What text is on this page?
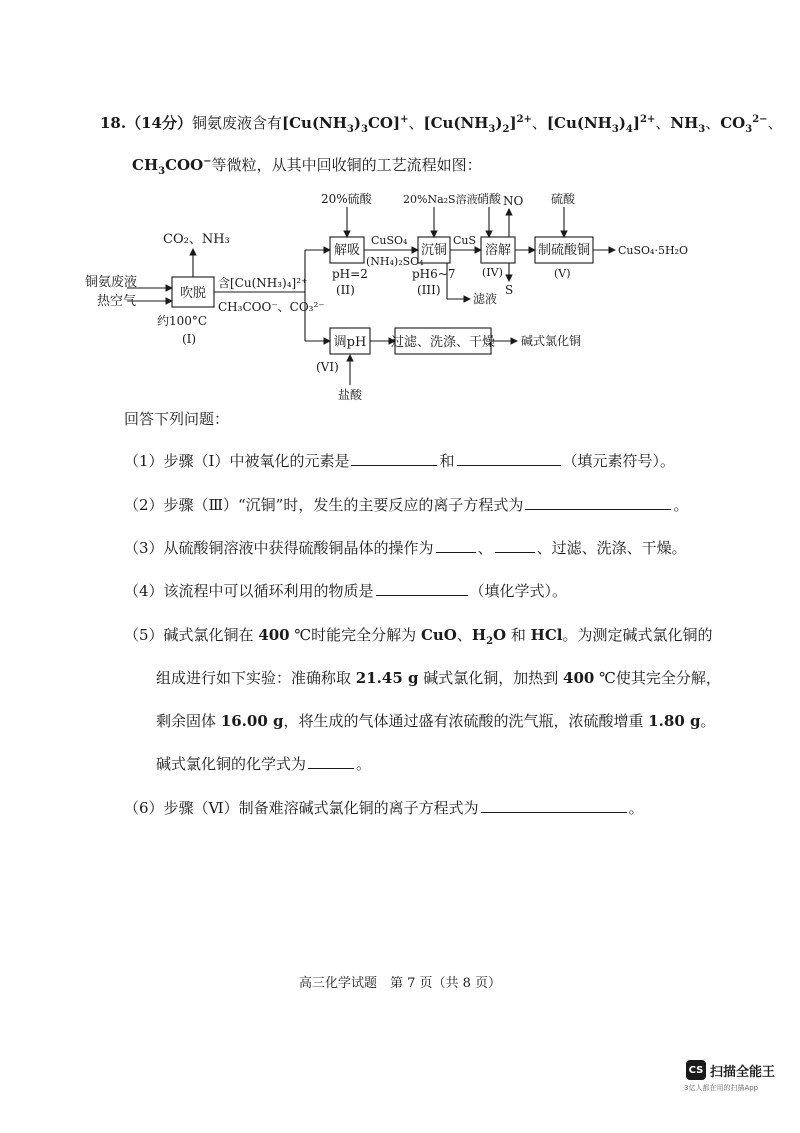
18.（14分）铜氨废液含有$[Cu(NH_3)_3CO]^+$、$[Cu(NH_3)_2]^{2+}$、$[Cu(NH_3)_4]^{2+}$、$NH_3$、$CO_3^{2-}$、
$CH_3COO^-$等微粒，从其中回收铜的工艺流程如图：
20%硫酸	20%Na₂S溶液 硝酸 NO 硫酸
CO₂、NH₃
铜氨废液
热空气
吹脱
约100°C
(I)
含[Cu(NH₃)₄]²⁺
CH₃COO⁻、CO₃²⁻
解吸
pH=2
(II)
CuSO₄
(NH₄)₂SO₄
沉铜
pH6~7
(III)
CuS
滤液
溶解
(IV)
S
制硫酸铜
(V)
CuSO₄·5H₂O
调pH
(VI)
盐酸
过滤、洗涤、干燥 碱式氯化铜
回答下列问题：
（1）步骤（Ⅰ）中被氧化的元素是	和	（填元素符号）。
（2）步骤（Ⅲ）“沉铜”时，发生的主要反应的离子方程式为	。
（3）从硫酸铜溶液中获得硫酸铜晶体的操作为	、	、过滤、洗涤、干燥。
（4）该流程中可以循环利用的物质是	（填化学式）。
（5）碱式氯化铜在 400 ℃时能完全分解为 CuO、$H_2O$ 和 HCl。为测定碱式氯化铜的
组成进行如下实验：准确称取 21.45 g 碱式氯化铜，加热到 400 ℃使其完全分解，
剩余固体 16.00 g，将生成的气体通过盛有浓硫酸的洗气瓶，浓硫酸增重 1.80 g。
碱式氯化铜的化学式为	。
（6）步骤（Ⅵ）制备难溶碱式氯化铜的离子方程式为	。
高三化学试题　第 7 页（共 8 页）
CS 扫描全能王
3亿人都在用的扫描App
